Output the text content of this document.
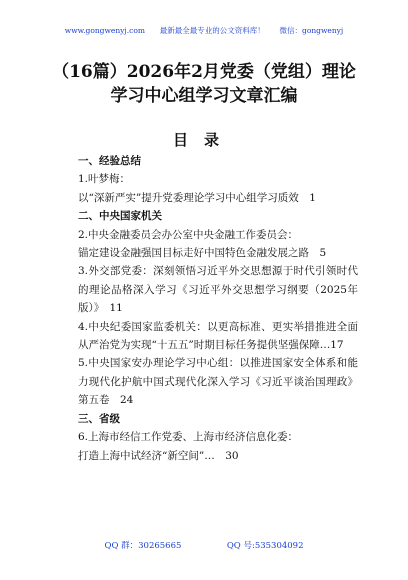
www.gongwenyj.com 最新最全最专业的公文资料库！ 微信：gongwenyj
（16篇）2026年2月党委（党组）理论
学习中心组学习文章汇编
目录
一、经验总结
1.叶梦梅：
以“深新严实”提升党委理论学习中心组学习质效　1
二、中央国家机关
2.中央金融委员会办公室中央金融工作委员会：
锚定建设金融强国目标走好中国特色金融发展之路　5
3.外交部党委：深刻领悟习近平外交思想源于时代引领时代的理论品格深入学习《习近平外交思想学习纲要（2025年版）》　11
4.中央纪委国家监委机关：以更高标准、更实举措推进全面从严治党为实现“十五五”时期目标任务提供坚强保障…17
5.中央国家安办理论学习中心组：以推进国家安全体系和能力现代化护航中国式现代化深入学习《习近平谈治国理政》第五卷　24
三、省级
6.上海市经信工作党委、上海市经济信息化委：
打造上海中试经济“新空间”…　30
QQ 群：30265665	QQ 号:535304092
